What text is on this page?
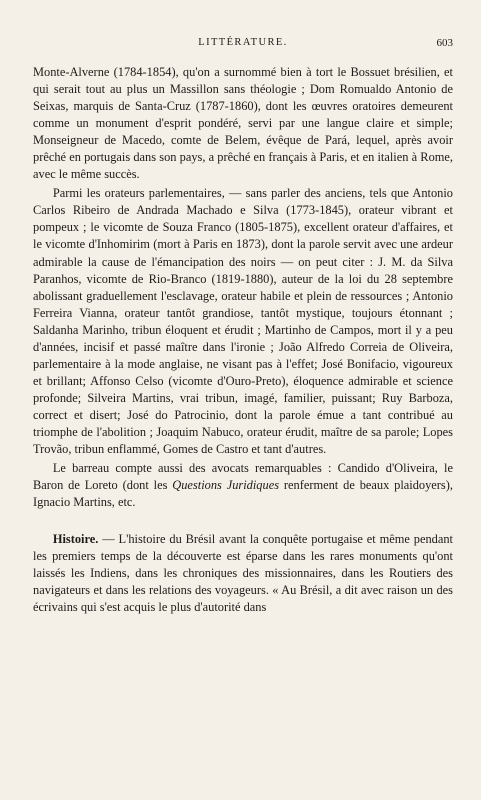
LITTÉRATURE.	603

Monte-Alverne (1784-1854), qu'on a surnommé bien à tort le Bossuet brésilien, et qui serait tout au plus un Massillon sans théologie ; Dom Romualdo Antonio de Seixas, marquis de Santa-Cruz (1787-1860), dont les œuvres oratoires demeurent comme un monument d'esprit pondéré, servi par une langue claire et simple; Monseigneur de Macedo, comte de Belem, évêque de Pará, lequel, après avoir prêché en portugais dans son pays, a prêché en français à Paris, et en italien à Rome, avec le même succès.

Parmi les orateurs parlementaires, — sans parler des anciens, tels que Antonio Carlos Ribeiro de Andrada Machado e Silva (1773-1845), orateur vibrant et pompeux ; le vicomte de Souza Franco (1805-1875), excellent orateur d'affaires, et le vicomte d'Inhomirim (mort à Paris en 1873), dont la parole servit avec une ardeur admirable la cause de l'émancipation des noirs — on peut citer : J. M. da Silva Paranhos, vicomte de Rio-Branco (1819-1880), auteur de la loi du 28 septembre abolissant graduellement l'esclavage, orateur habile et plein de ressources ; Antonio Ferreira Vianna, orateur tantôt grandiose, tantôt mystique, toujours étonnant ; Saldanha Marinho, tribun éloquent et érudit ; Martinho de Campos, mort il y a peu d'années, incisif et passé maître dans l'ironie ; João Alfredo Correia de Oliveira, parlementaire à la mode anglaise, ne visant pas à l'effet; José Bonifacio, vigoureux et brillant; Affonso Celso (vicomte d'Ouro-Preto), éloquence admirable et science profonde; Silveira Martins, vrai tribun, imagé, familier, puissant; Ruy Barboza, correct et disert; José do Patrocinio, dont la parole émue a tant contribué au triomphe de l'abolition ; Joaquim Nabuco, orateur érudit, maître de sa parole; Lopes Trovão, tribun enflammé, Gomes de Castro et tant d'autres.

Le barreau compte aussi des avocats remarquables : Candido d'Oliveira, le Baron de Loreto (dont les Questions Juridiques renferment de beaux plaidoyers), Ignacio Martins, etc.

Histoire. — L'histoire du Brésil avant la conquête portugaise et même pendant les premiers temps de la découverte est éparse dans les rares monuments qu'ont laissés les Indiens, dans les chroniques des missionnaires, dans les Routiers des navigateurs et dans les relations des voyageurs. « Au Brésil, a dit avec raison un des écrivains qui s'est acquis le plus d'autorité dans
